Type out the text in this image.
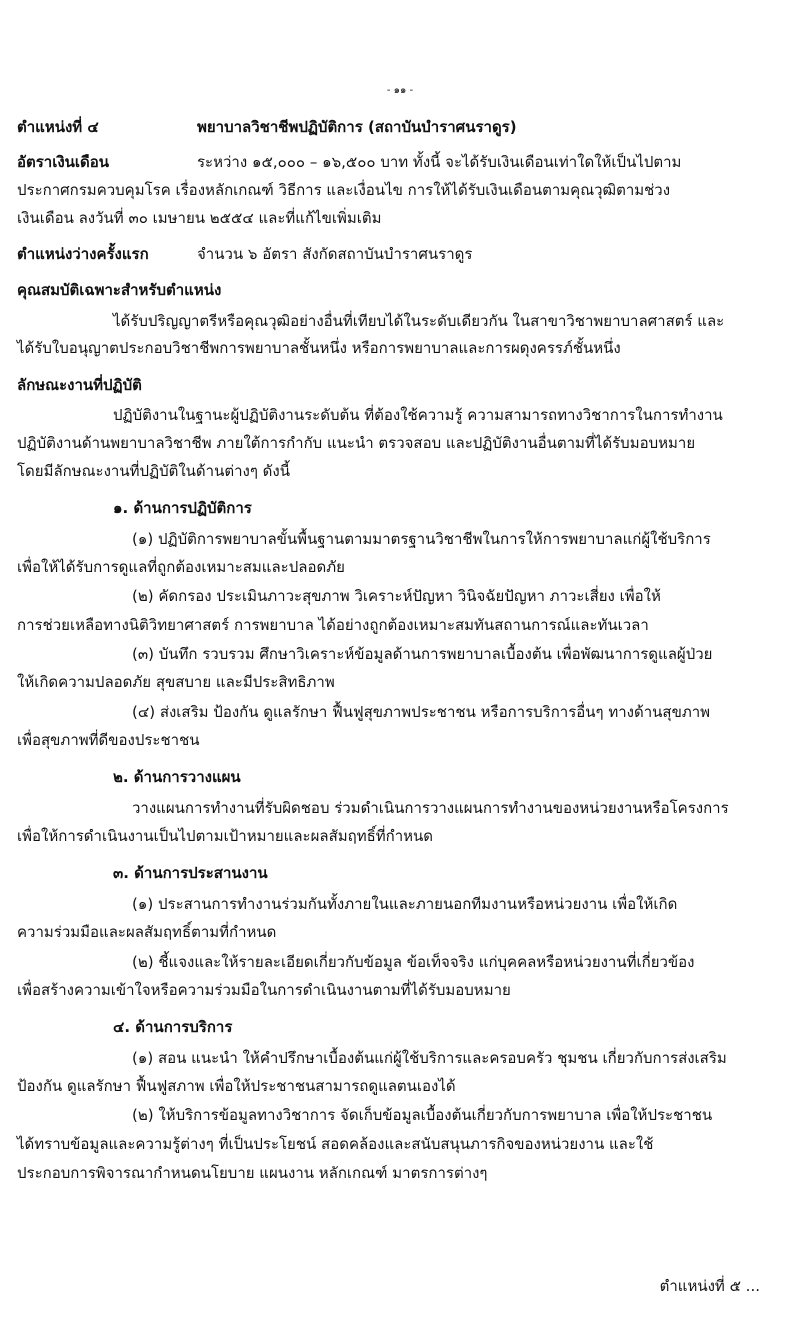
- ๑๑ -
ตำแหน่งที่ ๔	พยาบาลวิชาชีพปฏิบัติการ (สถาบันบำราศนราดูร)
อัตราเงินเดือน	ระหว่าง ๑๕,๐๐๐ – ๑๖,๕๐๐ บาท ทั้งนี้ จะได้รับเงินเดือนเท่าใดให้เป็นไปตาม
ประกาศกรมควบคุมโรค เรื่องหลักเกณฑ์ วิธีการ และเงื่อนไข การให้ได้รับเงินเดือนตามคุณวุฒิตามช่วง
เงินเดือน ลงวันที่ ๓๐ เมษายน ๒๕๕๔ และที่แก้ไขเพิ่มเติม
ตำแหน่งว่างครั้งแรก	จำนวน ๖ อัตรา สังกัดสถาบันบำราศนราดูร
คุณสมบัติเฉพาะสำหรับตำแหน่ง
ได้รับปริญญาตรีหรือคุณวุฒิอย่างอื่นที่เทียบได้ในระดับเดียวกัน ในสาขาวิชาพยาบาลศาสตร์ และ
ได้รับใบอนุญาตประกอบวิชาชีพการพยาบาลชั้นหนึ่ง หรือการพยาบาลและการผดุงครรภ์ชั้นหนึ่ง
ลักษณะงานที่ปฏิบัติ
ปฏิบัติงานในฐานะผู้ปฏิบัติงานระดับต้น ที่ต้องใช้ความรู้ ความสามารถทางวิชาการในการทำงาน
ปฏิบัติงานด้านพยาบาลวิชาชีพ ภายใต้การกำกับ แนะนำ ตรวจสอบ และปฏิบัติงานอื่นตามที่ได้รับมอบหมาย
โดยมีลักษณะงานที่ปฏิบัติในด้านต่างๆ ดังนี้
๑. ด้านการปฏิบัติการ
(๑) ปฏิบัติการพยาบาลขั้นพื้นฐานตามมาตรฐานวิชาชีพในการให้การพยาบาลแก่ผู้ใช้บริการ
เพื่อให้ได้รับการดูแลที่ถูกต้องเหมาะสมและปลอดภัย
(๒) คัดกรอง ประเมินภาวะสุขภาพ วิเคราะห์ปัญหา วินิจฉัยปัญหา ภาวะเสี่ยง เพื่อให้
การช่วยเหลือทางนิติวิทยาศาสตร์ การพยาบาล ได้อย่างถูกต้องเหมาะสมทันสถานการณ์และทันเวลา
(๓) บันทึก รวบรวม ศึกษาวิเคราะห์ข้อมูลด้านการพยาบาลเบื้องต้น เพื่อพัฒนาการดูแลผู้ป่วย
ให้เกิดความปลอดภัย สุขสบาย และมีประสิทธิภาพ
(๔) ส่งเสริม ป้องกัน ดูแลรักษา ฟื้นฟูสุขภาพประชาชน หรือการบริการอื่นๆ ทางด้านสุขภาพ
เพื่อสุขภาพที่ดีของประชาชน
๒. ด้านการวางแผน
วางแผนการทำงานที่รับผิดชอบ ร่วมดำเนินการวางแผนการทำงานของหน่วยงานหรือโครงการ
เพื่อให้การดำเนินงานเป็นไปตามเป้าหมายและผลสัมฤทธิ์ที่กำหนด
๓. ด้านการประสานงาน
(๑) ประสานการทำงานร่วมกันทั้งภายในและภายนอกทีมงานหรือหน่วยงาน เพื่อให้เกิด
ความร่วมมือและผลสัมฤทธิ์ตามที่กำหนด
(๒) ชี้แจงและให้รายละเอียดเกี่ยวกับข้อมูล ข้อเท็จจริง แก่บุคคลหรือหน่วยงานที่เกี่ยวข้อง
เพื่อสร้างความเข้าใจหรือความร่วมมือในการดำเนินงานตามที่ได้รับมอบหมาย
๔. ด้านการบริการ
(๑) สอน แนะนำ ให้คำปรึกษาเบื้องต้นแก่ผู้ใช้บริการและครอบครัว ชุมชน เกี่ยวกับการส่งเสริม
ป้องกัน ดูแลรักษา ฟื้นฟูสภาพ เพื่อให้ประชาชนสามารถดูแลตนเองได้
(๒) ให้บริการข้อมูลทางวิชาการ จัดเก็บข้อมูลเบื้องต้นเกี่ยวกับการพยาบาล เพื่อให้ประชาชน
ได้ทราบข้อมูลและความรู้ต่างๆ ที่เป็นประโยชน์ สอดคล้องและสนับสนุนภารกิจของหน่วยงาน และใช้
ประกอบการพิจารณากำหนดนโยบาย แผนงาน หลักเกณฑ์ มาตรการต่างๆ
ตำแหน่งที่ ๕ ...
